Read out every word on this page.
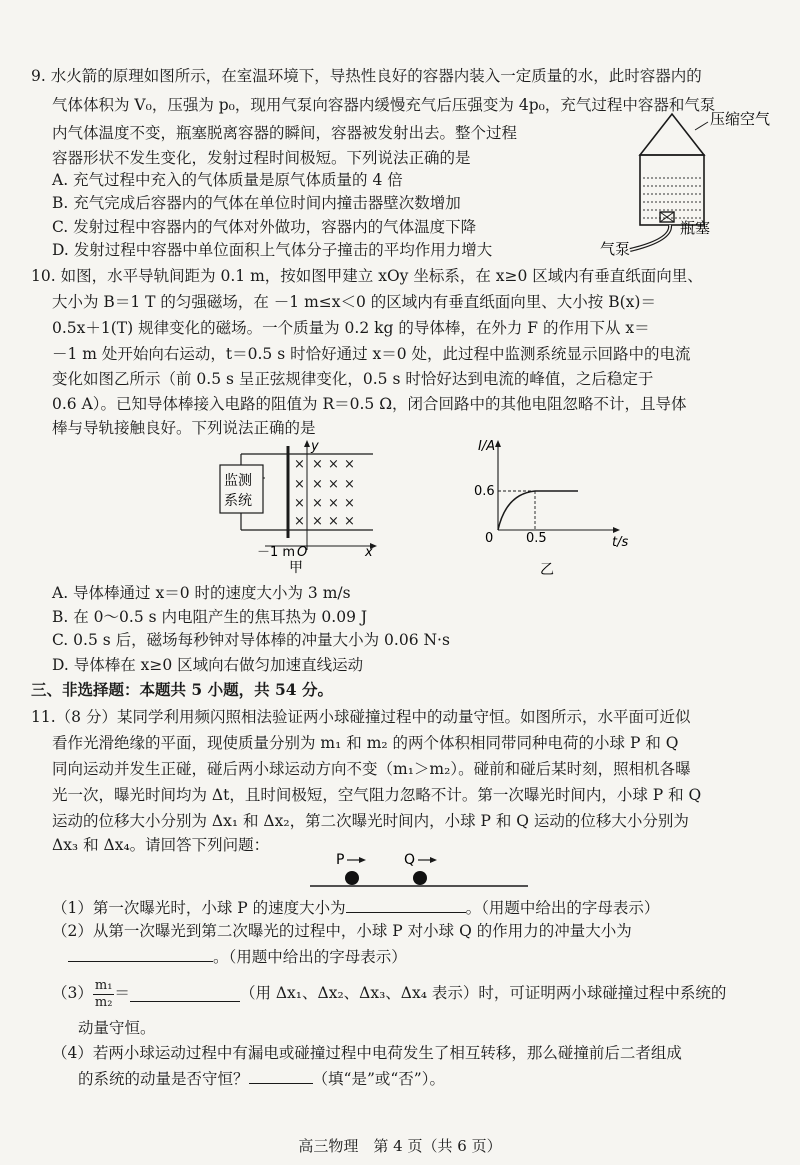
9. 水火箭的原理如图所示，在室温环境下，导热性良好的容器内装入一定质量的水，此时容器内的
气体体积为 V₀，压强为 p₀，现用气泵向容器内缓慢充气后压强变为 4p₀，充气过程中容器和气泵
内气体温度不变，瓶塞脱离容器的瞬间，容器被发射出去。整个过程
容器形状不发生变化，发射过程时间极短。下列说法正确的是
A. 充气过程中充入的气体质量是原气体质量的 4 倍
B. 充气完成后容器内的气体在单位时间内撞击器壁次数增加
C. 发射过程中容器内的气体对外做功，容器内的气体温度下降
D. 发射过程中容器中单位面积上气体分子撞击的平均作用力增大
压缩空气
气泵
瓶塞
10. 如图，水平导轨间距为 0.1 m，按如图甲建立 xOy 坐标系，在 x≥0 区域内有垂直纸面向里、
大小为 B＝1 T 的匀强磁场，在 －1 m≤x＜0 的区域内有垂直纸面向里、大小按 B(x)＝
0.5x＋1(T) 规律变化的磁场。一个质量为 0.2 kg 的导体棒，在外力 F 的作用下从 x＝
－1 m 处开始向右运动，t＝0.5 s 时恰好通过 x＝0 处，此过程中监测系统显示回路中的电流
变化如图乙所示（前 0.5 s 呈正弦规律变化，0.5 s 时恰好达到电流的峰值，之后稳定于
0.6 A）。已知导体棒接入电路的阻值为 R＝0.5 Ω，闭合回路中的其他电阻忽略不计，且导体
棒与导轨接触良好。下列说法正确的是
监测
系统
× × × ×
× × × ×
× × × ×
× × × ×
y
－1 m O	x
甲
I/A
t/s
0.6
0	0.5
乙
A. 导体棒通过 x＝0 时的速度大小为 3 m/s
B. 在 0～0.5 s 内电阻产生的焦耳热为 0.09 J
C. 0.5 s 后，磁场每秒钟对导体棒的冲量大小为 0.06 N·s
D. 导体棒在 x≥0 区域向右做匀加速直线运动
三、非选择题：本题共 5 小题，共 54 分。
11.（8 分）某同学利用频闪照相法验证两小球碰撞过程中的动量守恒。如图所示，水平面可近似
看作光滑绝缘的平面，现使质量分别为 m₁ 和 m₂ 的两个体积相同带同种电荷的小球 P 和 Q
同向运动并发生正碰，碰后两小球运动方向不变（m₁＞m₂）。碰前和碰后某时刻，照相机各曝
光一次，曝光时间均为 Δt，且时间极短，空气阻力忽略不计。第一次曝光时间内，小球 P 和 Q
运动的位移大小分别为 Δx₁ 和 Δx₂，第二次曝光时间内，小球 P 和 Q 运动的位移大小分别为
Δx₃ 和 Δx₄。请回答下列问题：
P	Q
（1）第一次曝光时，小球 P 的速度大小为	。（用题中给出的字母表示）
（2）从第一次曝光到第二次曝光的过程中，小球 P 对小球 Q 的作用力的冲量大小为
。（用题中给出的字母表示）
$(3) \frac{\text{m₁}}{\text{m₂}}$ ＝	（用 Δx₁、Δx₂、Δx₃、Δx₄ 表示）时，可证明两小球碰撞过程中系统的
动量守恒。
（4）若两小球运动过程中有漏电或碰撞过程中电荷发生了相互转移，那么碰撞前后二者组成
的系统的动量是否守恒？	（填“是”或“否”）。
高三物理　第 4 页（共 6 页）
